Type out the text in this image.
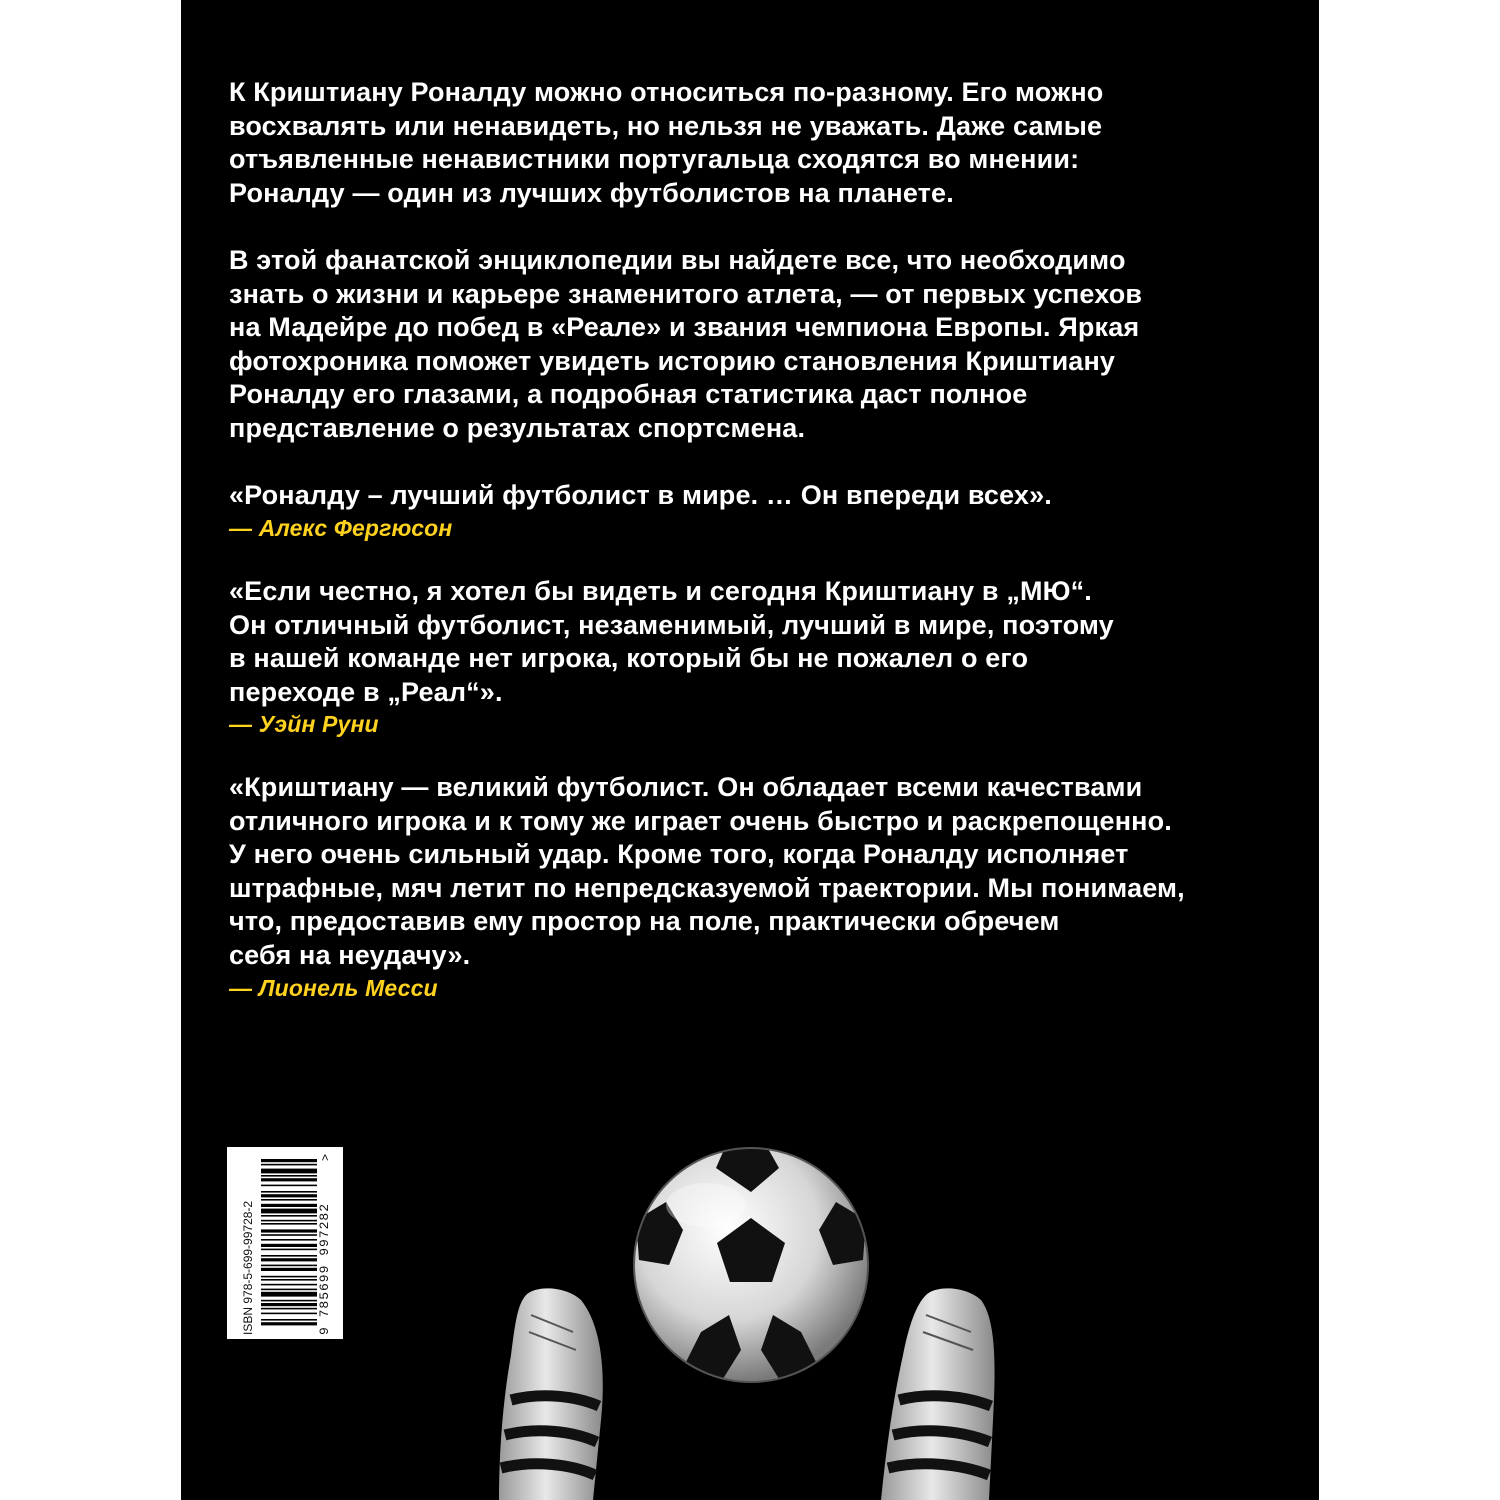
К Криштиану Роналду можно относиться по-разному. Его можно
восхвалять или ненавидеть, но нельзя не уважать. Даже самые
отъявленные ненавистники португальца сходятся во мнении:
Роналду — один из лучших футболистов на планете.
В этой фанатской энциклопедии вы найдете все, что необходимо
знать о жизни и карьере знаменитого атлета, — от первых успехов
на Мадейре до побед в «Реале» и звания чемпиона Европы. Яркая
фотохроника поможет увидеть историю становления Криштиану
Роналду его глазами, а подробная статистика даст полное
представление о результатах спортсмена.
«Роналду – лучший футболист в мире. … Он впереди всех».
— Алекс Фергюсон
«Если честно, я хотел бы видеть и сегодня Криштиану в „МЮ“.
Он отличный футболист, незаменимый, лучший в мире, поэтому
в нашей команде нет игрока, который бы не пожалел о его
переходе в „Реал“».
— Уэйн Руни
«Криштиану — великий футболист. Он обладает всеми качествами
отличного игрока и к тому же играет очень быстро и раскрепощенно.
У него очень сильный удар. Кроме того, когда Роналду исполняет
штрафные, мяч летит по непредсказуемой траектории. Мы понимаем,
что, предоставив ему простор на поле, практически обречем
себя на неудачу».
— Лионель Месси
>
ISBN 978-5-699-99728-2	9 785699 997282
